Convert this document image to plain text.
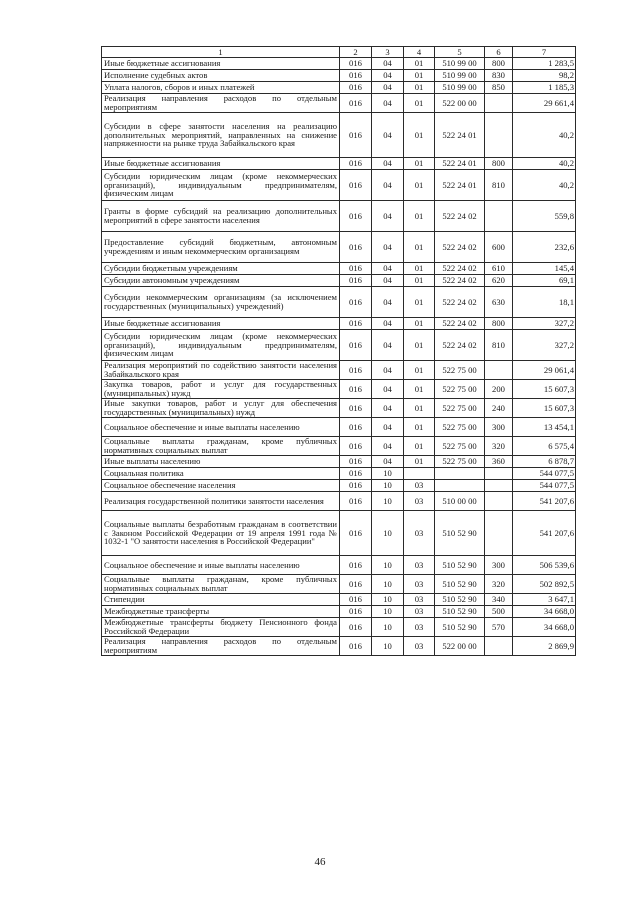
1	2	3	4	5	6	7
Иные бюджетные ассигнования	016	04	01	510 99 00	800	1 283,5
Исполнение судебных актов	016	04	01	510 99 00	830	98,2
Уплата налогов, сборов и иных платежей	016	04	01	510 99 00	850	1 185,3
Реализация направления расходов по отдельным мероприятиям	016	04	01	522 00 00		29 661,4
Субсидии в сфере занятости населения на реализацию дополнительных мероприятий, направленных на снижение напряженности на рынке труда Забайкальского края	016	04	01	522 24 01		40,2
Иные бюджетные ассигнования	016	04	01	522 24 01	800	40,2
Субсидии юридическим лицам (кроме некоммерческих организаций), индивидуальным предпринимателям, физическим лицам	016	04	01	522 24 01	810	40,2
Гранты в форме субсидий на реализацию дополнительных мероприятий в сфере занятости населения	016	04	01	522 24 02		559,8
Предоставление субсидий бюджетным, автономным учреждениям и иным некоммерческим организациям	016	04	01	522 24 02	600	232,6
Субсидии бюджетным учреждениям	016	04	01	522 24 02	610	145,4
Субсидии автономным учреждениям	016	04	01	522 24 02	620	69,1
Субсидии некоммерческим организациям (за исключением государственных (муниципальных) учреждений)	016	04	01	522 24 02	630	18,1
Иные бюджетные ассигнования	016	04	01	522 24 02	800	327,2
Субсидии юридическим лицам (кроме некоммерческих организаций), индивидуальным предпринимателям, физическим лицам	016	04	01	522 24 02	810	327,2
Реализация мероприятий по содействию занятости населения Забайкальского края	016	04	01	522 75 00		29 061,4
Закупка товаров, работ и услуг для государственных (муниципальных) нужд	016	04	01	522 75 00	200	15 607,3
Иные закупки товаров, работ и услуг для обеспечения государственных (муниципальных) нужд	016	04	01	522 75 00	240	15 607,3
Социальное обеспечение и иные выплаты населению	016	04	01	522 75 00	300	13 454,1
Социальные выплаты гражданам, кроме публичных нормативных социальных выплат	016	04	01	522 75 00	320	6 575,4
Иные выплаты населению	016	04	01	522 75 00	360	6 878,7
Социальная политика	016	10				544 077,5
Социальное обеспечение населения	016	10	03			544 077,5
Реализация государственной политики занятости населения	016	10	03	510 00 00		541 207,6
Социальные выплаты безработным гражданам в соответствии с Законом Российской Федерации от 19 апреля 1991 года № 1032-1 "О занятости населения в Российской Федерации"	016	10	03	510 52 90		541 207,6
Социальное обеспечение и иные выплаты населению	016	10	03	510 52 90	300	506 539,6
Социальные выплаты гражданам, кроме публичных нормативных социальных выплат	016	10	03	510 52 90	320	502 892,5
Стипендии	016	10	03	510 52 90	340	3 647,1
Межбюджетные трансферты	016	10	03	510 52 90	500	34 668,0
Межбюджетные трансферты бюджету Пенсионного фонда Российской Федерации	016	10	03	510 52 90	570	34 668,0
Реализация направления расходов по отдельным мероприятиям	016	10	03	522 00 00		2 869,9
46
